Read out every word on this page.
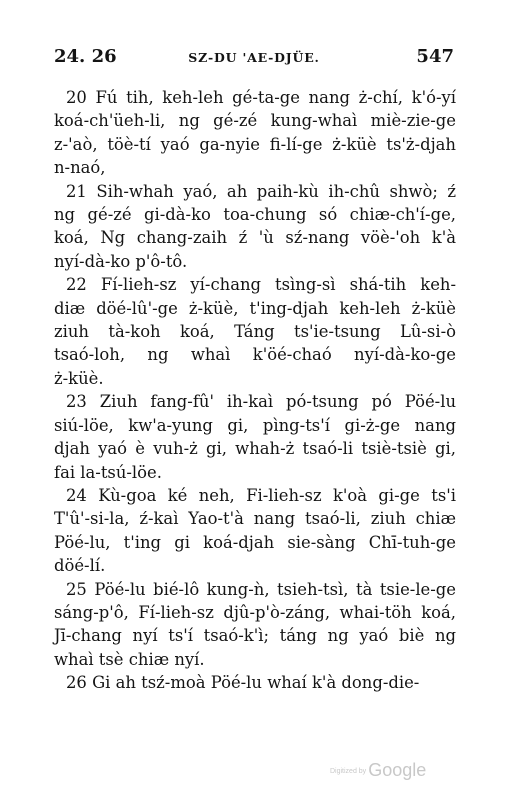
24. 26	SZ-DU 'AE-DJÜE.	547
20 Fú tih, keh-leh gé-ta-ge nang ż-chí, k'ó-yí
koá-ch'üeh-li, ng gé-zé kung-whaì miè-zie-ge
z-'aò, töè-tí yaó ga-nyie fi-lí-ge ż-küè ts'ż-djah
n-naó,
21 Sih-whah yaó, ah paih-kù ih-chû shwò; ź
ng gé-zé gi-dà-ko toa-chung só chiæ-ch'í-ge,
koá, Ng chang-zaih ź 'ù sź-nang vöè-'oh k'à
nyí-dà-ko p'ô-tô.
22 Fí-lieh-sz yí-chang tsìng-sì shá-tih keh-
diæ döé-lû'-ge ż-küè, t'ing-djah keh-leh ż-küè
ziuh tà-koh koá, Táng ts'ie-tsung Lû-si-ò
tsaó-loh, ng whaì k'öé-chaó nyí-dà-ko-ge
ż-küè.
23 Ziuh fang-fû' ih-kaì pó-tsung pó Pöé-lu
siú-löe, kw'a-yung gi, pìng-ts'í gi-ż-ge nang
djah yaó è vuh-ż gi, whah-ż tsaó-li tsiè-tsiè gi,
fai la-tsú-löe.
24 Kù-goa ké neh, Fi-lieh-sz k'oà gi-ge ts'i
T'û'-si-la, ź-kaì Yao-t'à nang tsaó-li, ziuh chiæ
Pöé-lu, t'ing gi koá-djah sie-sàng Chī-tuh-ge
döé-lí.
25 Pöé-lu bié-lô kung-ǹ, tsieh-tsì, tà tsie-le-ge
sáng-p'ô, Fí-lieh-sz djû-p'ò-záng, whai-töh koá,
Jī-chang nyí ts'í tsaó-k'ì; táng ng yaó biè ng
whaì tsè chiæ nyí.
26 Gi ah tsź-moà Pöé-lu whaí k'à dong-die-
Digitized by Google
